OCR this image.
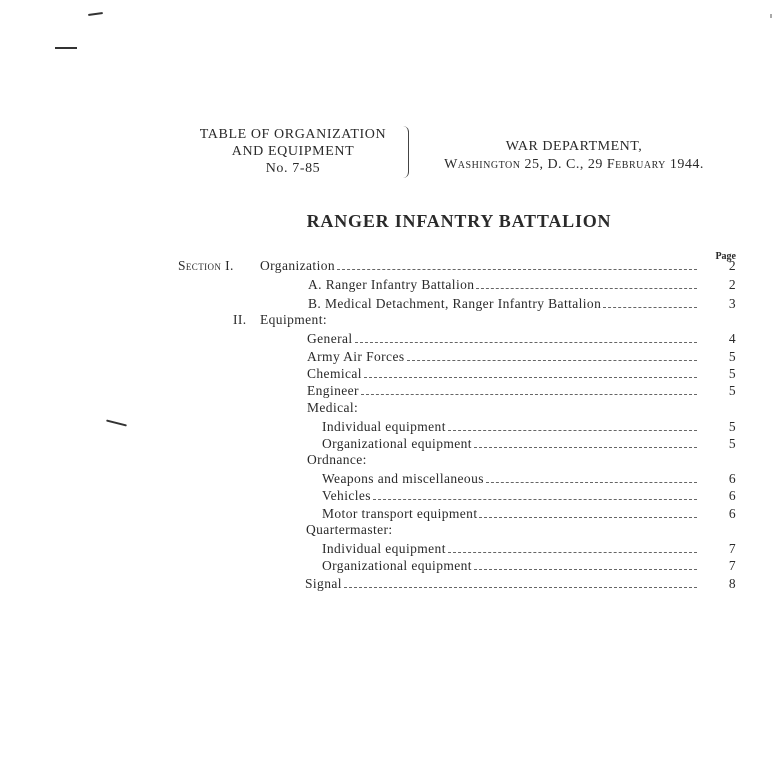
TABLE OF ORGANIZATION
AND EQUIPMENT
No. 7-85
WAR DEPARTMENT,
Washington 25, D. C., 29 February 1944.
RANGER INFANTRY BATTALION
Page
Section I. Organization	2
A. Ranger Infantry Battalion	2
B. Medical Detachment, Ranger Infantry Battalion	3
II. Equipment:
General	4
Army Air Forces	5
Chemical	5
Engineer	5
Medical:
Individual equipment	5
Organizational equipment	5
Ordnance:
Weapons and miscellaneous	6
Vehicles	6
Motor transport equipment	6
Quartermaster:
Individual equipment	7
Organizational equipment	7
Signal	8
